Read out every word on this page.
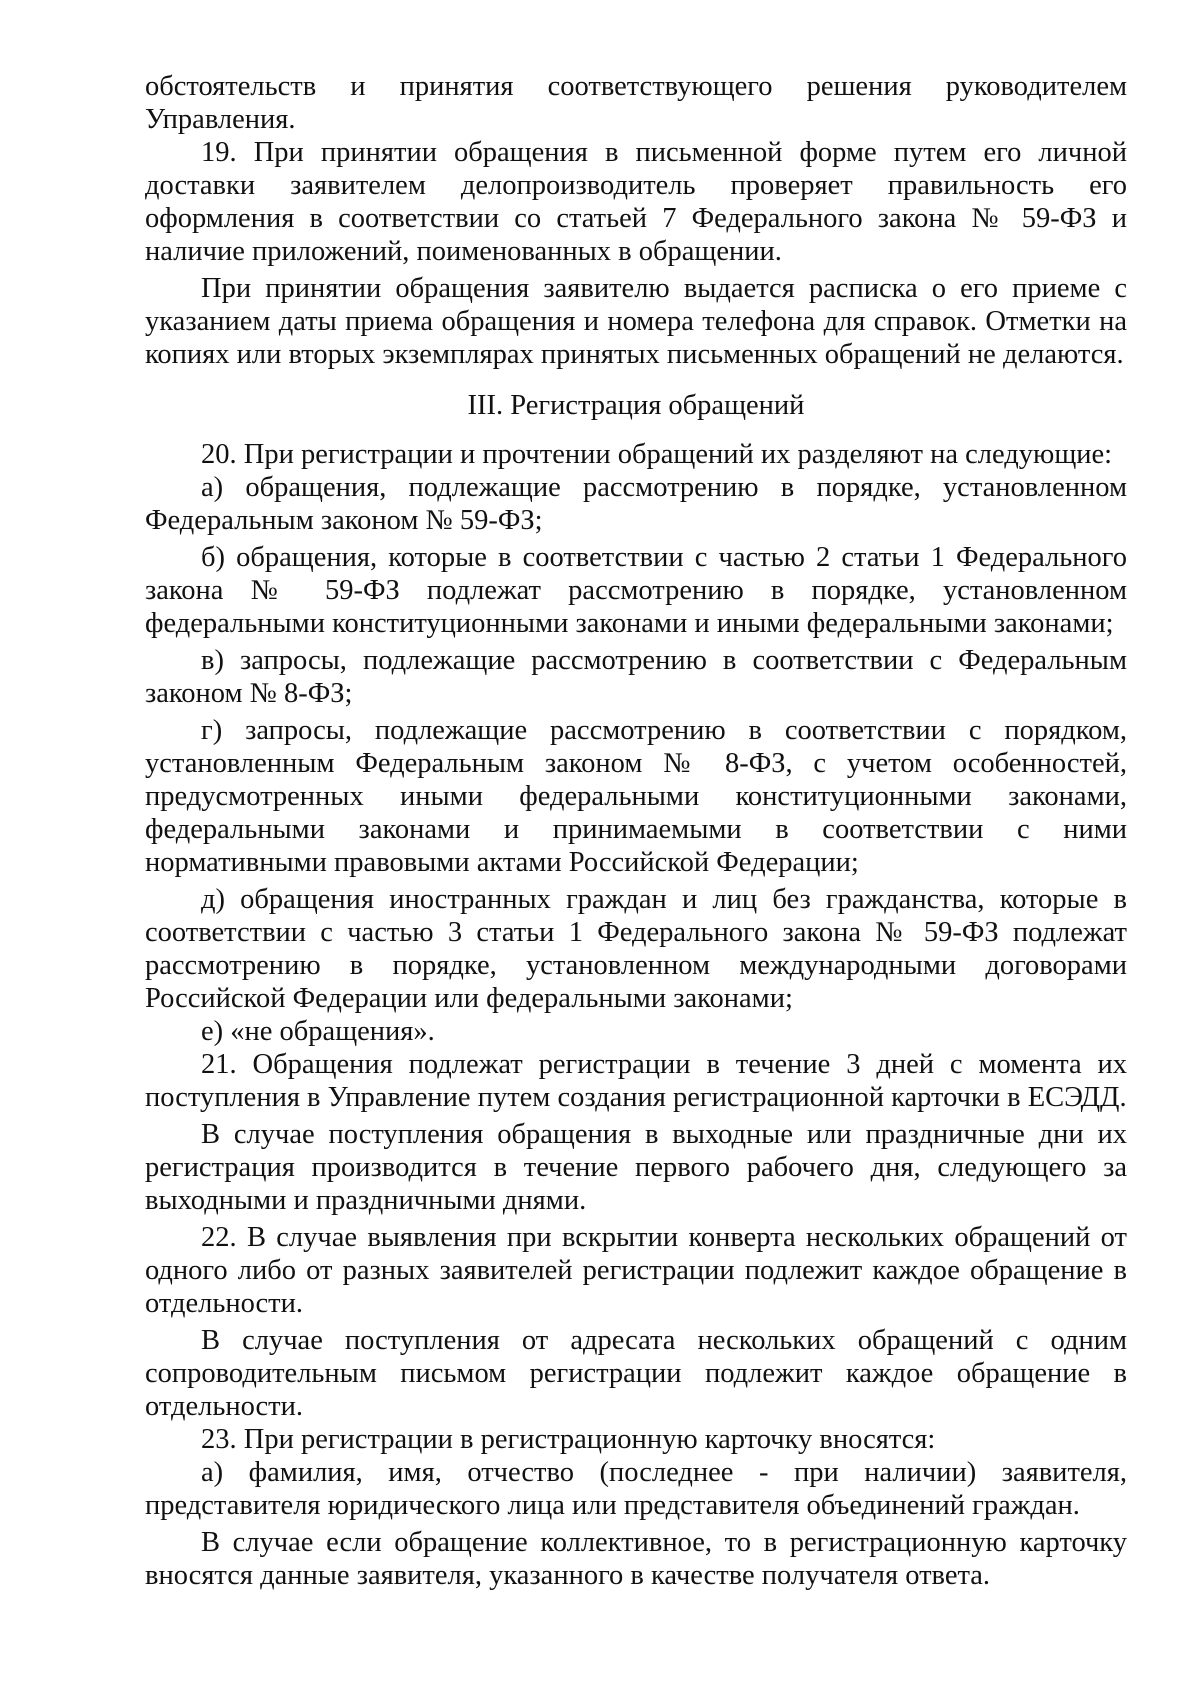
обстоятельств и принятия соответствующего решения руководителем Управления.

19. При принятии обращения в письменной форме путем его личной доставки заявителем делопроизводитель проверяет правильность его оформления в соответствии со статьей 7 Федерального закона № 59-ФЗ и наличие приложений, поименованных в обращении.

При принятии обращения заявителю выдается расписка о его приеме с указанием даты приема обращения и номера телефона для справок. Отметки на копиях или вторых экземплярах принятых письменных обращений не делаются.

III. Регистрация обращений

20. При регистрации и прочтении обращений их разделяют на следующие:

а) обращения, подлежащие рассмотрению в порядке, установленном Федеральным законом № 59-ФЗ;

б) обращения, которые в соответствии с частью 2 статьи 1 Федерального закона № 59-ФЗ подлежат рассмотрению в порядке, установленном федеральными конституционными законами и иными федеральными законами;

в) запросы, подлежащие рассмотрению в соответствии с Федеральным законом № 8-ФЗ;

г) запросы, подлежащие рассмотрению в соответствии с порядком, установленным Федеральным законом № 8-ФЗ, с учетом особенностей, предусмотренных иными федеральными конституционными законами, федеральными законами и принимаемыми в соответствии с ними нормативными правовыми актами Российской Федерации;

д) обращения иностранных граждан и лиц без гражданства, которые в соответствии с частью 3 статьи 1 Федерального закона № 59-ФЗ подлежат рассмотрению в порядке, установленном международными договорами Российской Федерации или федеральными законами;

е) «не обращения».

21. Обращения подлежат регистрации в течение 3 дней с момента их поступления в Управление путем создания регистрационной карточки в ЕСЭДД.

В случае поступления обращения в выходные или праздничные дни их регистрация производится в течение первого рабочего дня, следующего за выходными и праздничными днями.

22. В случае выявления при вскрытии конверта нескольких обращений от одного либо от разных заявителей регистрации подлежит каждое обращение в отдельности.

В случае поступления от адресата нескольких обращений с одним сопроводительным письмом регистрации подлежит каждое обращение в отдельности.

23. При регистрации в регистрационную карточку вносятся:

а) фамилия, имя, отчество (последнее - при наличии) заявителя, представителя юридического лица или представителя объединений граждан.

В случае если обращение коллективное, то в регистрационную карточку вносятся данные заявителя, указанного в качестве получателя ответа.
